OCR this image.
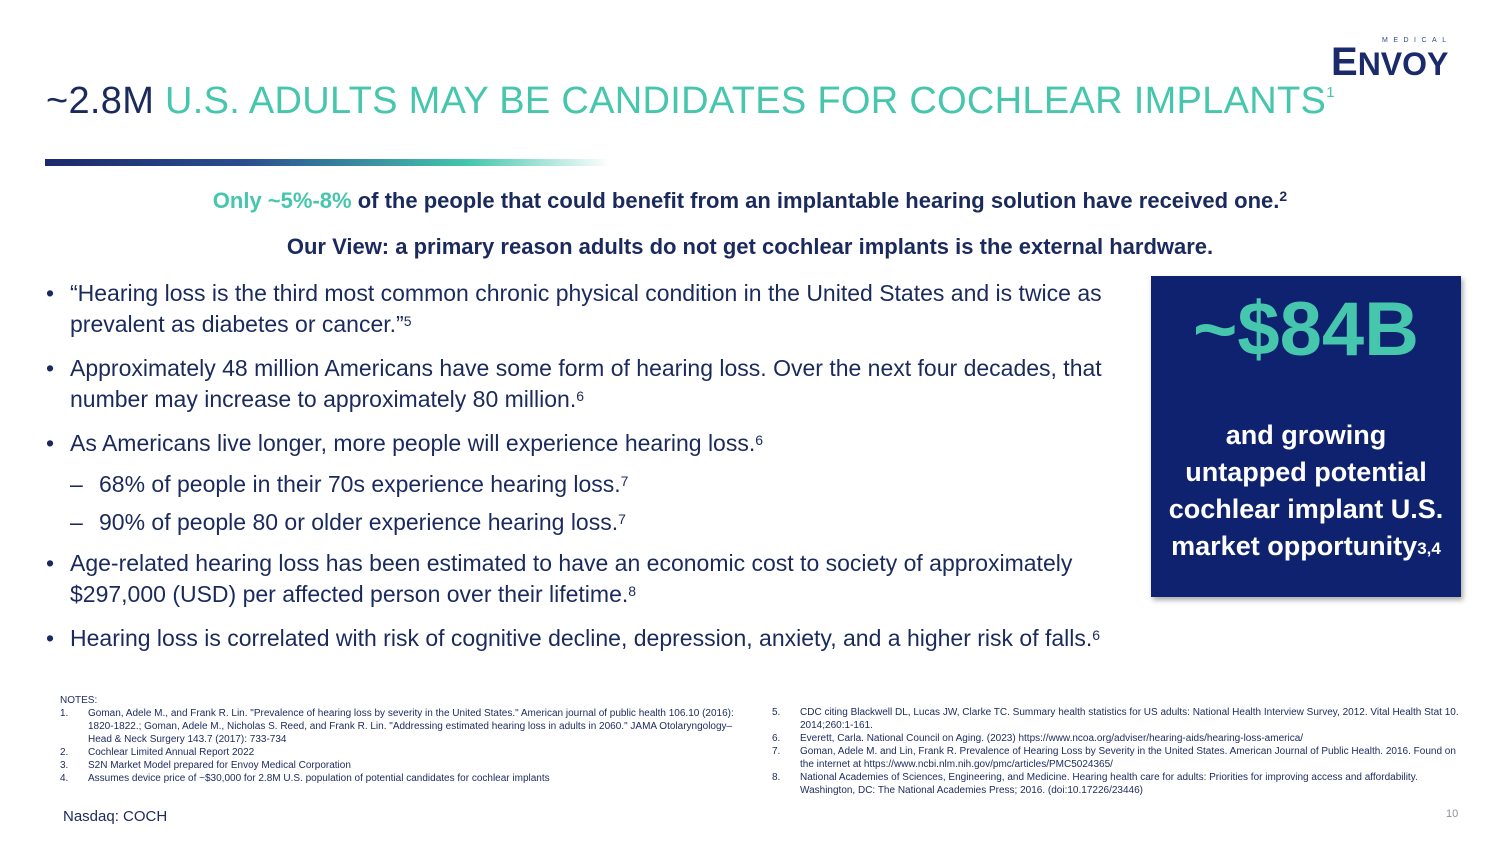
MEDICAL
ENVOY
~2.8M U.S. ADULTS MAY BE CANDIDATES FOR COCHLEAR IMPLANTS$^1$
Only ~5%-8% of the people that could benefit from an implantable hearing solution have received one.$^2$
Our View: a primary reason adults do not get cochlear implants is the external hardware.
• “Hearing loss is the third most common chronic physical condition in the United States and is twice as prevalent as diabetes or cancer.”$^5$
• Approximately 48 million Americans have some form of hearing loss. Over the next four decades, that number may increase to approximately 80 million.$^6$
• As Americans live longer, more people will experience hearing loss.$^6$
– 68% of people in their 70s experience hearing loss.$^7$
– 90% of people 80 or older experience hearing loss.$^7$
• Age-related hearing loss has been estimated to have an economic cost to society of approximately $297,000 (USD) per affected person over their lifetime.$^8$
• Hearing loss is correlated with risk of cognitive decline, depression, anxiety, and a higher risk of falls.$^6$
~$84B
and growing
untapped potential
cochlear implant U.S.
market opportunity$^{3,4}$
NOTES:
1. Goman, Adele M., and Frank R. Lin. "Prevalence of hearing loss by severity in the United States." American journal of public health 106.10 (2016): 1820-1822.; Goman, Adele M., Nicholas S. Reed, and Frank R. Lin. "Addressing estimated hearing loss in adults in 2060." JAMA Otolaryngology–Head & Neck Surgery 143.7 (2017): 733-734
2. Cochlear Limited Annual Report 2022
3. S2N Market Model prepared for Envoy Medical Corporation
4. Assumes device price of ~$30,000 for 2.8M U.S. population of potential candidates for cochlear implants
5. CDC citing Blackwell DL, Lucas JW, Clarke TC. Summary health statistics for US adults: National Health Interview Survey, 2012. Vital Health Stat 10. 2014;260:1-161.
6. Everett, Carla. National Council on Aging. (2023) https://www.ncoa.org/adviser/hearing-aids/hearing-loss-america/
7. Goman, Adele M. and Lin, Frank R. Prevalence of Hearing Loss by Severity in the United States. American Journal of Public Health. 2016. Found on the internet at https://www.ncbi.nlm.nih.gov/pmc/articles/PMC5024365/
8. National Academies of Sciences, Engineering, and Medicine. Hearing health care for adults: Priorities for improving access and affordability. Washington, DC: The National Academies Press; 2016. (doi:10.17226/23446)
Nasdaq: COCH	10
